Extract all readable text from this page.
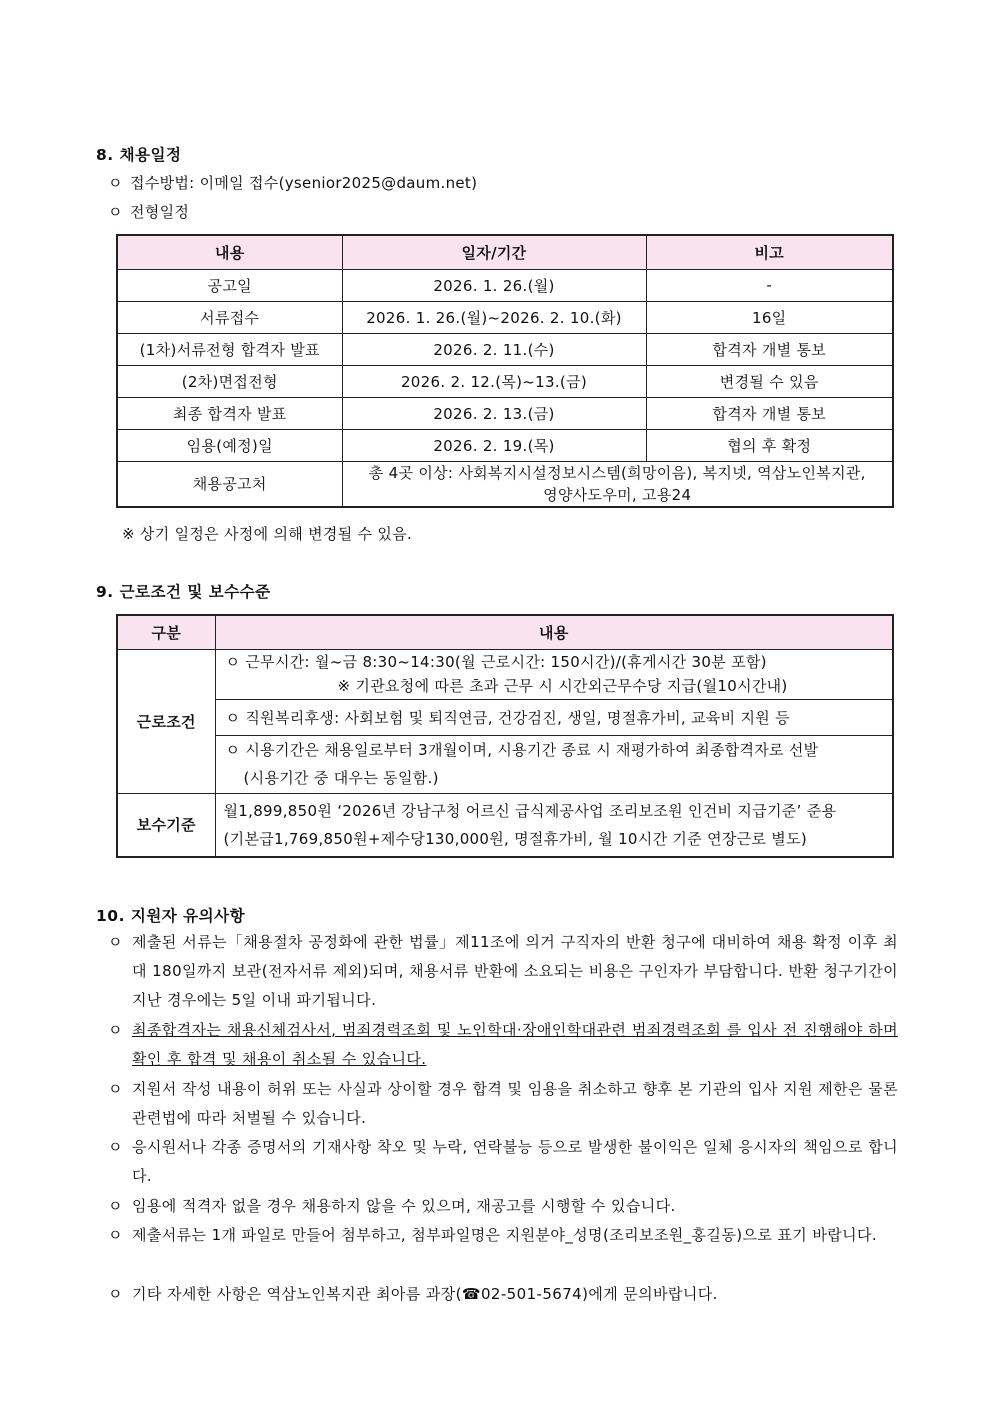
8. 채용일정
ㅇ 접수방법: 이메일 접수(ysenior2025@daum.net)
ㅇ 전형일정
내용	일자/기간	비고
공고일	2026. 1. 26.(월)	-
서류접수	2026. 1. 26.(월)~2026. 2. 10.(화)	16일
(1차)서류전형 합격자 발표	2026. 2. 11.(수)	합격자 개별 통보
(2차)면접전형	2026. 2. 12.(목)~13.(금)	변경될 수 있음
최종 합격자 발표	2026. 2. 13.(금)	합격자 개별 통보
임용(예정)일	2026. 2. 19.(목)	협의 후 확정
채용공고처	총 4곳 이상: 사회복지시설정보시스템(희망이음), 복지넷, 역삼노인복지관,
영양사도우미, 고용24	
※ 상기 일정은 사정에 의해 변경될 수 있음.
9. 근로조건 및 보수수준
구분	내용
근로조건	ㅇ 근무시간: 월~금 8:30~14:30(월 근로시간: 150시간)/(휴게시간 30분 포함)
※ 기관요청에 따른 초과 근무 시 시간외근무수당 지급(월10시간내)

	ㅇ 직원복리후생: 사회보험 및 퇴직연금, 건강검진, 생일, 명절휴가비, 교육비 지원 등

	ㅇ 시용기간은 채용일로부터 3개월이며, 시용기간 종료 시 재평가하여 최종합격자로 선발
(시용기간 중 대우는 동일함.)

보수기준	월1,899,850원 ‘2026년 강남구청 어르신 급식제공사업 조리보조원 인건비 지급기준’ 준용
(기본급1,769,850원+제수당130,000원, 명절휴가비, 월 10시간 기준 연장근로 별도)
10. 지원자 유의사항
ㅇ 제출된 서류는「채용절차 공정화에 관한 법률」제11조에 의거 구직자의 반환 청구에 대비하여 채용 확정 이후 최대 180일까지 보관(전자서류 제외)되며, 채용서류 반환에 소요되는 비용은 구인자가 부담합니다. 반환 청구기간이 지난 경우에는 5일 이내 파기됩니다.
ㅇ 최종합격자는 채용신체검사서, 범죄경력조회 및 노인학대·장애인학대관련 범죄경력조회 를 입사 전 진행해야 하며 확인 후 합격 및 채용이 취소될 수 있습니다.
ㅇ 지원서 작성 내용이 허위 또는 사실과 상이할 경우 합격 및 임용을 취소하고 향후 본 기관의 입사 지원 제한은 물론 관련법에 따라 처벌될 수 있습니다.
ㅇ 응시원서나 각종 증명서의 기재사항 착오 및 누락, 연락불능 등으로 발생한 불이익은 일체 응시자의 책임으로 합니다.
ㅇ 임용에 적격자 없을 경우 채용하지 않을 수 있으며, 재공고를 시행할 수 있습니다.
ㅇ 제출서류는 1개 파일로 만들어 첨부하고, 첨부파일명은 지원분야_성명(조리보조원_홍길동)으로 표기 바랍니다.
ㅇ 기타 자세한 사항은 역삼노인복지관 최아름 과장(☎02-501-5674)에게 문의바랍니다.
